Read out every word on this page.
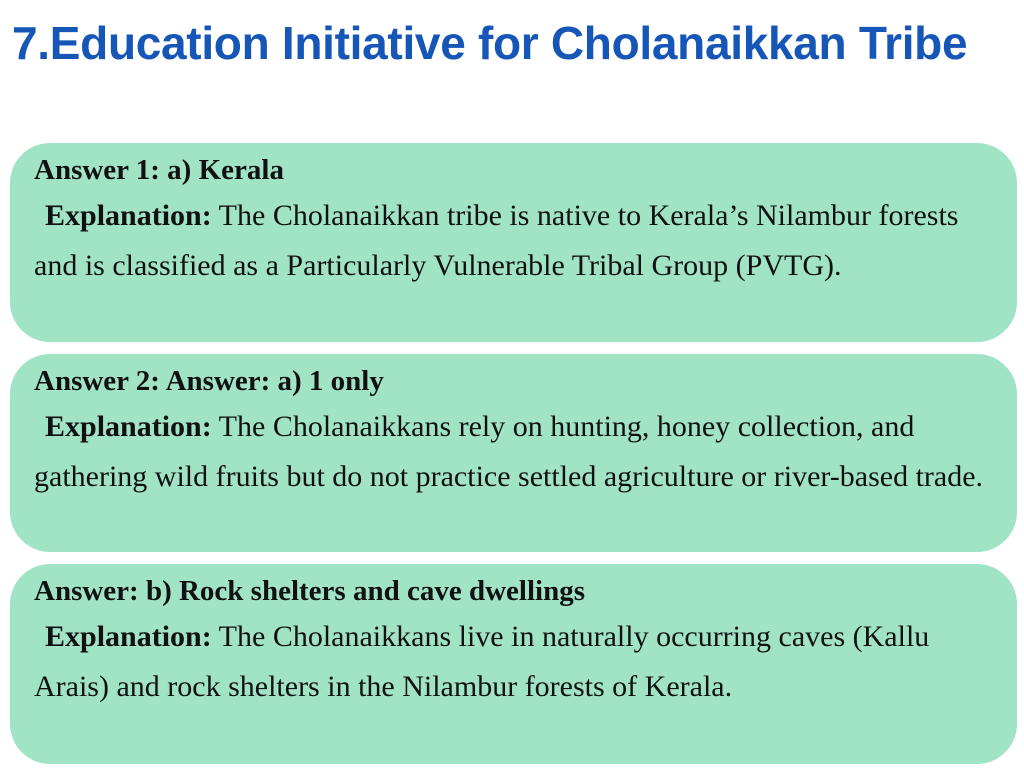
7.Education Initiative for Cholanaikkan Tribe
Answer 1: a) Kerala
Explanation: The Cholanaikkan tribe is native to Kerala’s Nilambur forests and is classified as a Particularly Vulnerable Tribal Group (PVTG).
Answer 2: Answer: a) 1 only
Explanation: The Cholanaikkans rely on hunting, honey collection, and gathering wild fruits but do not practice settled agriculture or river-based trade.
Answer: b) Rock shelters and cave dwellings
Explanation: The Cholanaikkans live in naturally occurring caves (Kallu Arais) and rock shelters in the Nilambur forests of Kerala.
